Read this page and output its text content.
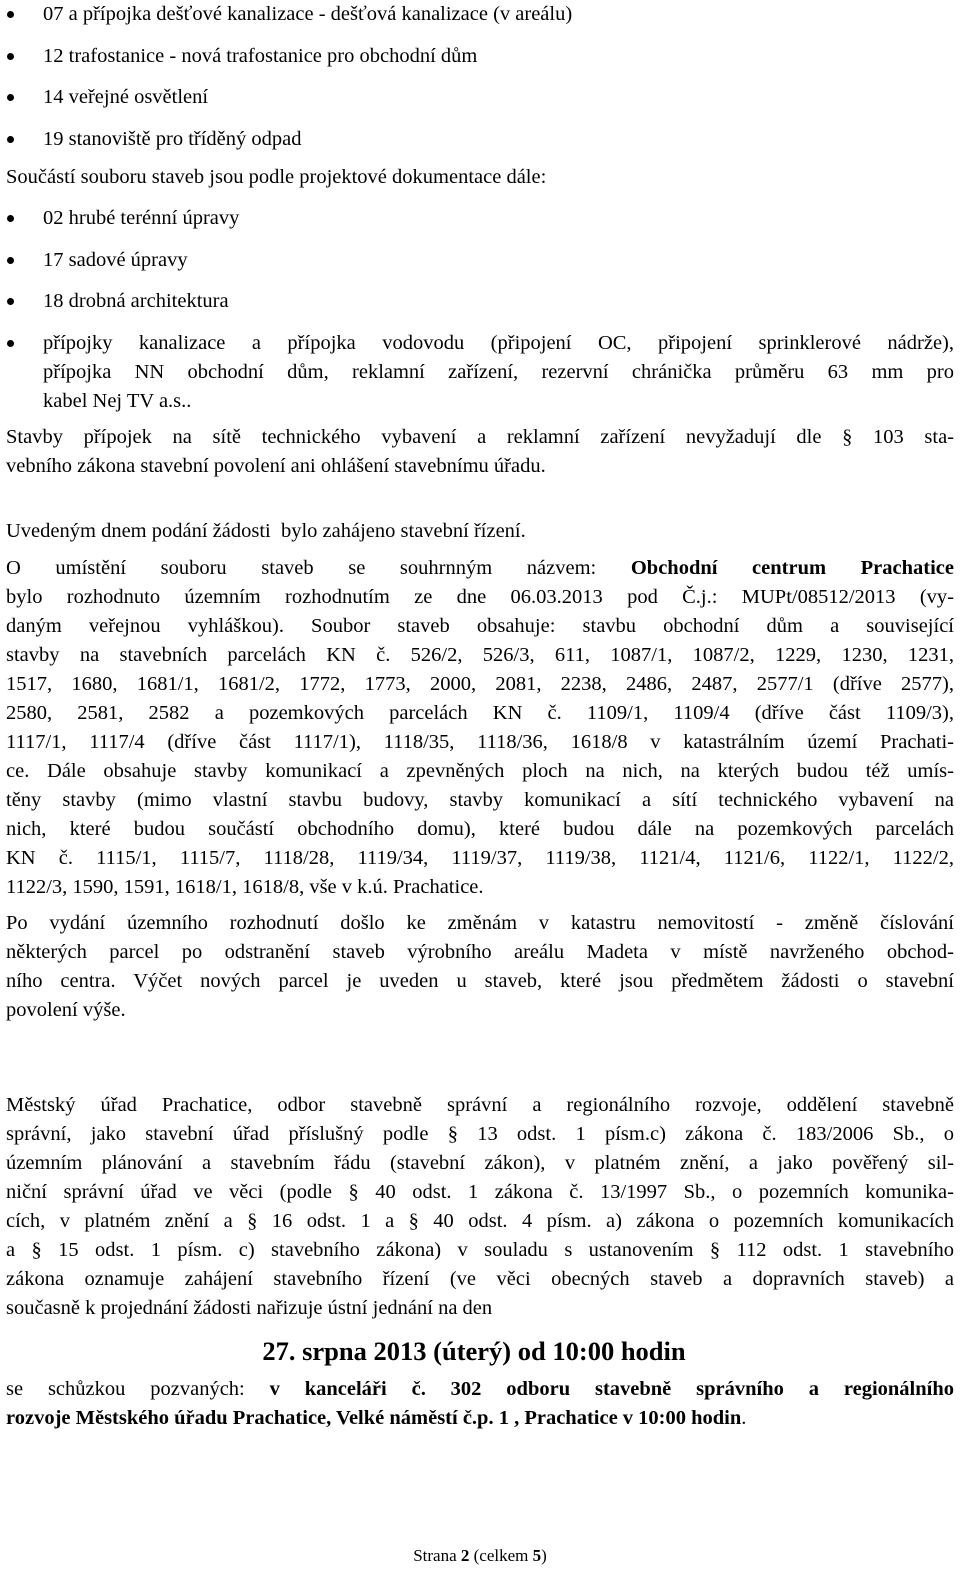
07 a přípojka dešťové kanalizace - dešťová kanalizace (v areálu)
12 trafostanice - nová trafostanice pro obchodní dům
14 veřejné osvětlení
19 stanoviště pro tříděný odpad
Součástí souboru staveb jsou podle projektové dokumentace dále:
02 hrubé terénní úpravy
17 sadové úpravy
18 drobná architektura
přípojky kanalizace a přípojka vodovodu (připojení OC, připojení sprinklerové nádrže),
přípojka NN obchodní dům, reklamní zařízení, rezervní chránička průměru 63 mm pro
kabel Nej TV a.s..
Stavby přípojek na sítě technického vybavení a reklamní zařízení nevyžadují dle § 103 sta-
vebního zákona stavební povolení ani ohlášení stavebnímu úřadu.
Uvedeným dnem podání žádosti  bylo zahájeno stavební řízení.
O umístění souboru staveb se souhrnným názvem: Obchodní centrum Prachatice
bylo rozhodnuto územním rozhodnutím ze dne 06.03.2013 pod Č.j.: MUPt/08512/2013 (vy-
daným veřejnou vyhláškou). Soubor staveb obsahuje: stavbu obchodní dům a související
stavby na stavebních parcelách KN č. 526/2, 526/3, 611, 1087/1, 1087/2, 1229, 1230, 1231,
1517, 1680, 1681/1, 1681/2, 1772, 1773, 2000, 2081, 2238, 2486, 2487, 2577/1 (dříve 2577),
2580, 2581, 2582 a pozemkových parcelách KN č. 1109/1, 1109/4 (dříve část 1109/3),
1117/1, 1117/4 (dříve část 1117/1), 1118/35, 1118/36, 1618/8 v katastrálním území Prachati-
ce. Dále obsahuje stavby komunikací a zpevněných ploch na nich, na kterých budou též umís-
těny stavby (mimo vlastní stavbu budovy, stavby komunikací a sítí technického vybavení na
nich, které budou součástí obchodního domu), které budou dále na pozemkových parcelách
KN č. 1115/1, 1115/7, 1118/28, 1119/34, 1119/37, 1119/38, 1121/4, 1121/6, 1122/1, 1122/2,
1122/3, 1590, 1591, 1618/1, 1618/8, vše v k.ú. Prachatice.
Po vydání územního rozhodnutí došlo ke změnám v katastru nemovitostí - změně číslování
některých parcel po odstranění staveb výrobního areálu Madeta v místě navrženého obchod-
ního centra. Výčet nových parcel je uveden u staveb, které jsou předmětem žádosti o stavební
povolení výše.
Městský úřad Prachatice, odbor stavebně správní a regionálního rozvoje, oddělení stavebně
správní, jako stavební úřad příslušný podle § 13 odst. 1 písm.c) zákona č. 183/2006 Sb., o
územním plánování a stavebním řádu (stavební zákon), v platném znění, a jako pověřený sil-
niční správní úřad ve věci (podle § 40 odst. 1 zákona č. 13/1997 Sb., o pozemních komunika-
cích, v platném znění a § 16 odst. 1 a § 40 odst. 4 písm. a) zákona o pozemních komunikacích
a § 15 odst. 1 písm. c) stavebního zákona) v souladu s ustanovením § 112 odst. 1 stavebního
zákona oznamuje zahájení stavebního řízení (ve věci obecných staveb a dopravních staveb) a
současně k projednání žádosti nařizuje ústní jednání na den
27. srpna 2013 (úterý) od 10:00 hodin
se schůzkou pozvaných: v kanceláři č. 302 odboru stavebně správního a regionálního
rozvoje Městského úřadu Prachatice, Velké náměstí č.p. 1 , Prachatice v 10:00 hodin.
Strana 2 (celkem 5)
